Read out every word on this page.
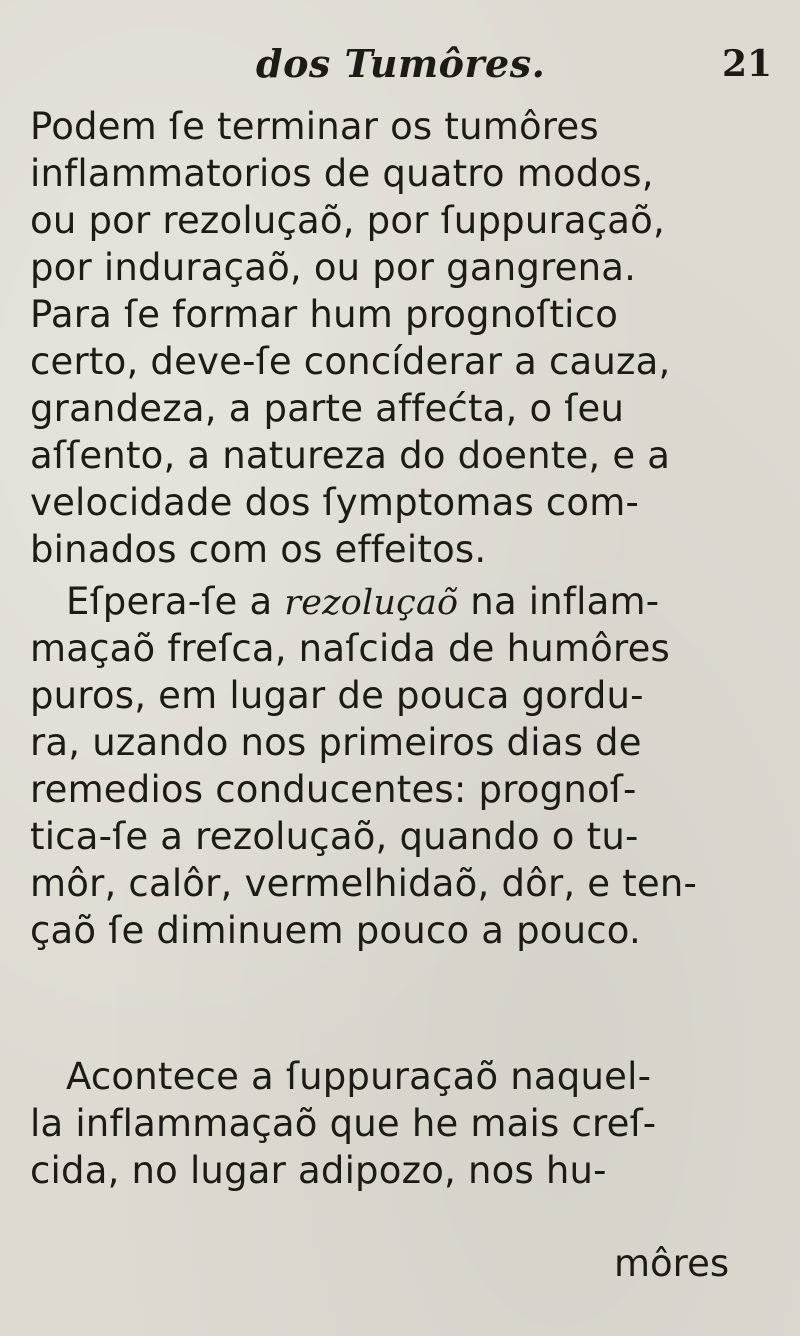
dos Tumôres.	21

Podem ſe terminar os tumôres
inflammatorios de quatro modos,
ou por rezoluçaõ, por ſuppuraçaõ,
por induraçaõ, ou por gangrena.
Para ſe formar hum prognoſtico
certo, deve-ſe concíderar a cauza,
grandeza, a parte affećta, o ſeu
aſſento, a natureza do doente, e a
velocidade dos ſymptomas com-
binados com os effeitos.

Eſpera-ſe a rezoluçaõ na inflam-
maçaõ freſca, naſcida de humôres
puros, em lugar de pouca gordu-
ra, uzando nos primeiros dias de
remedios conducentes: prognoſ-
tica-ſe a rezoluçaõ, quando o tu-
môr, calôr, vermelhidaõ, dôr, e ten-
çaõ ſe diminuem pouco a pouco.

Acontece a ſuppuraçaõ naquel-
la inflammaçaõ que he mais creſ-
cida, no lugar adipozo, nos hu-

môres
